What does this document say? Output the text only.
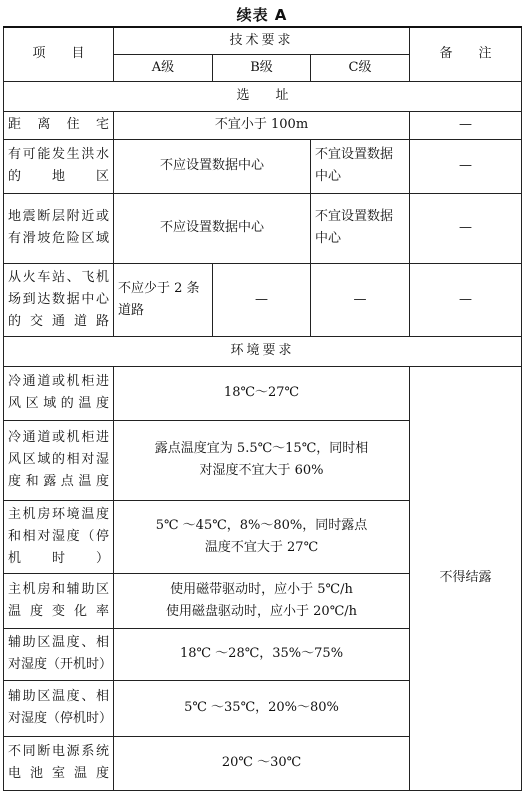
续表 A
项　　目	技术要求			备　　注
	A级	B级	C级	
选　　址				
距离住宅	不宜小于 100m			—
有可能发生洪水的地区	不应设置数据中心		不宜设置数据中心	—
地震断层附近或有滑坡危险区域	不应设置数据中心		不宜设置数据中心	—
从火车站、飞机场到达数据中心的交通道路	不应少于 2 条道路	—	—	—
环境要求				
冷通道或机柜进风区域的温度	18℃～27℃			不得结露
冷通道或机柜进风区域的相对湿度和露点温度	露点温度宜为 5.5℃～15℃，同时相对湿度不宜大于 60%			
主机房环境温度和相对湿度（停机时）	5℃ ～45℃，8%～80%，同时露点温度不宜大于 27℃			
主机房和辅助区温度变化率	使用磁带驱动时，应小于 5℃/h
使用磁盘驱动时，应小于 20℃/h			

辅助区温度、相对湿度（开机时）	18℃ ～28℃，35%～75%			
辅助区温度、相对湿度（停机时）	5℃ ～35℃，20%～80%			
不同断电源系统电池室温度	20℃ ～30℃			
